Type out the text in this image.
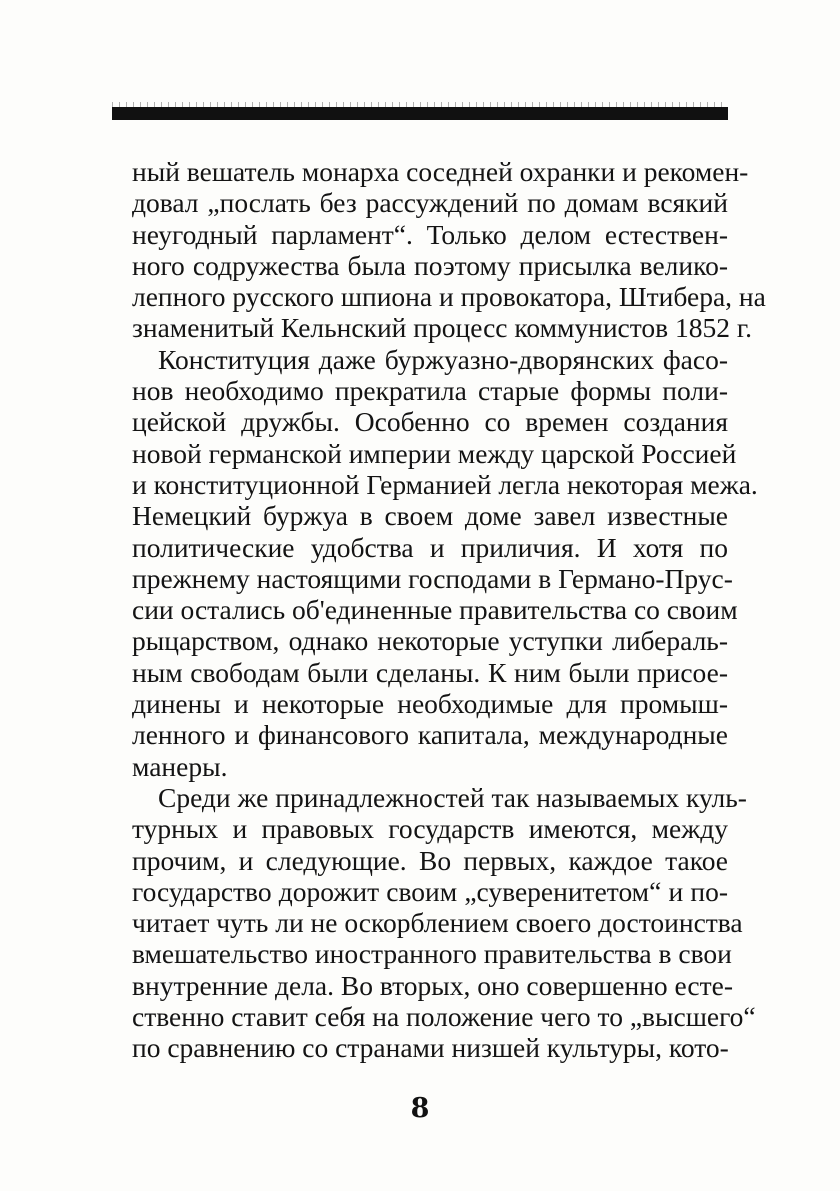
ный вешатель монарха соседней охранки и рекомен-
довал „послать без рассуждений по домам всякий
неугодный парламент“. Только делом естествен-
ного содружества была поэтому присылка велико-
лепного русского шпиона и провокатора, Штибера, на
знаменитый Кельнский процесс коммунистов 1852 г.
Конституция даже буржуазно-дворянских фасо-
нов необходимо прекратила старые формы поли-
цейской дружбы. Особенно со времен создания
новой германской империи между царской Россией
и конституционной Германией легла некоторая межа.
Немецкий буржуа в своем доме завел известные
политические удобства и приличия. И хотя по
прежнему настоящими господами в Германо-Прус-
сии остались об'единенные правительства со своим
рыцарством, однако некоторые уступки либераль-
ным свободам были сделаны. К ним были присое-
динены и некоторые необходимые для промыш-
ленного и финансового капитала, международные
манеры.
Среди же принадлежностей так называемых куль-
турных и правовых государств имеются, между
прочим, и следующие. Во первых, каждое такое
государство дорожит своим „суверенитетом“ и по-
читает чуть ли не оскорблением своего достоинства
вмешательство иностранного правительства в свои
внутренние дела. Во вторых, оно совершенно есте-
ственно ставит себя на положение чего то „высшего“
по сравнению со странами низшей культуры, кото-
8
